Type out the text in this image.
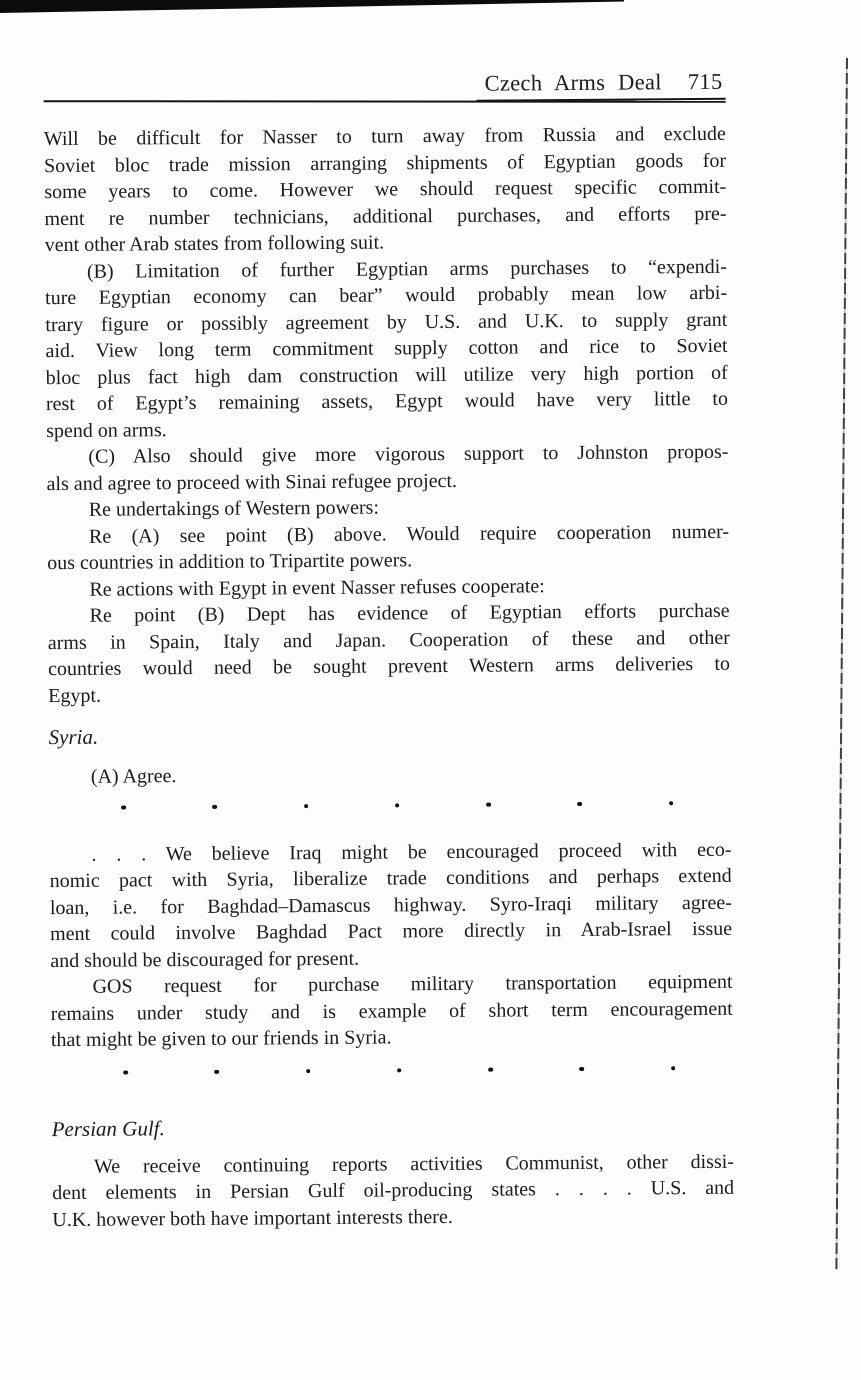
Czech Arms Deal 715
Will be difficult for Nasser to turn away from Russia and exclude
Soviet bloc trade mission arranging shipments of Egyptian goods for
some years to come. However we should request specific commit-
ment re number technicians, additional purchases, and efforts pre-
vent other Arab states from following suit.
(B) Limitation of further Egyptian arms purchases to “expendi-
ture Egyptian economy can bear” would probably mean low arbi-
trary figure or possibly agreement by U.S. and U.K. to supply grant
aid. View long term commitment supply cotton and rice to Soviet
bloc plus fact high dam construction will utilize very high portion of
rest of Egypt’s remaining assets, Egypt would have very little to
spend on arms.
(C) Also should give more vigorous support to Johnston propos-
als and agree to proceed with Sinai refugee project.
Re undertakings of Western powers:
Re (A) see point (B) above. Would require cooperation numer-
ous countries in addition to Tripartite powers.
Re actions with Egypt in event Nasser refuses cooperate:
Re point (B) Dept has evidence of Egyptian efforts purchase
arms in Spain, Italy and Japan. Cooperation of these and other
countries would need be sought prevent Western arms deliveries to
Egypt.
Syria.
(A) Agree.
. . . We believe Iraq might be encouraged proceed with eco-
nomic pact with Syria, liberalize trade conditions and perhaps extend
loan, i.e. for Baghdad–Damascus highway. Syro-Iraqi military agree-
ment could involve Baghdad Pact more directly in Arab-Israel issue
and should be discouraged for present.
GOS request for purchase military transportation equipment
remains under study and is example of short term encouragement
that might be given to our friends in Syria.
Persian Gulf.
We receive continuing reports activities Communist, other dissi-
dent elements in Persian Gulf oil-producing states . . . . U.S. and
U.K. however both have important interests there.
